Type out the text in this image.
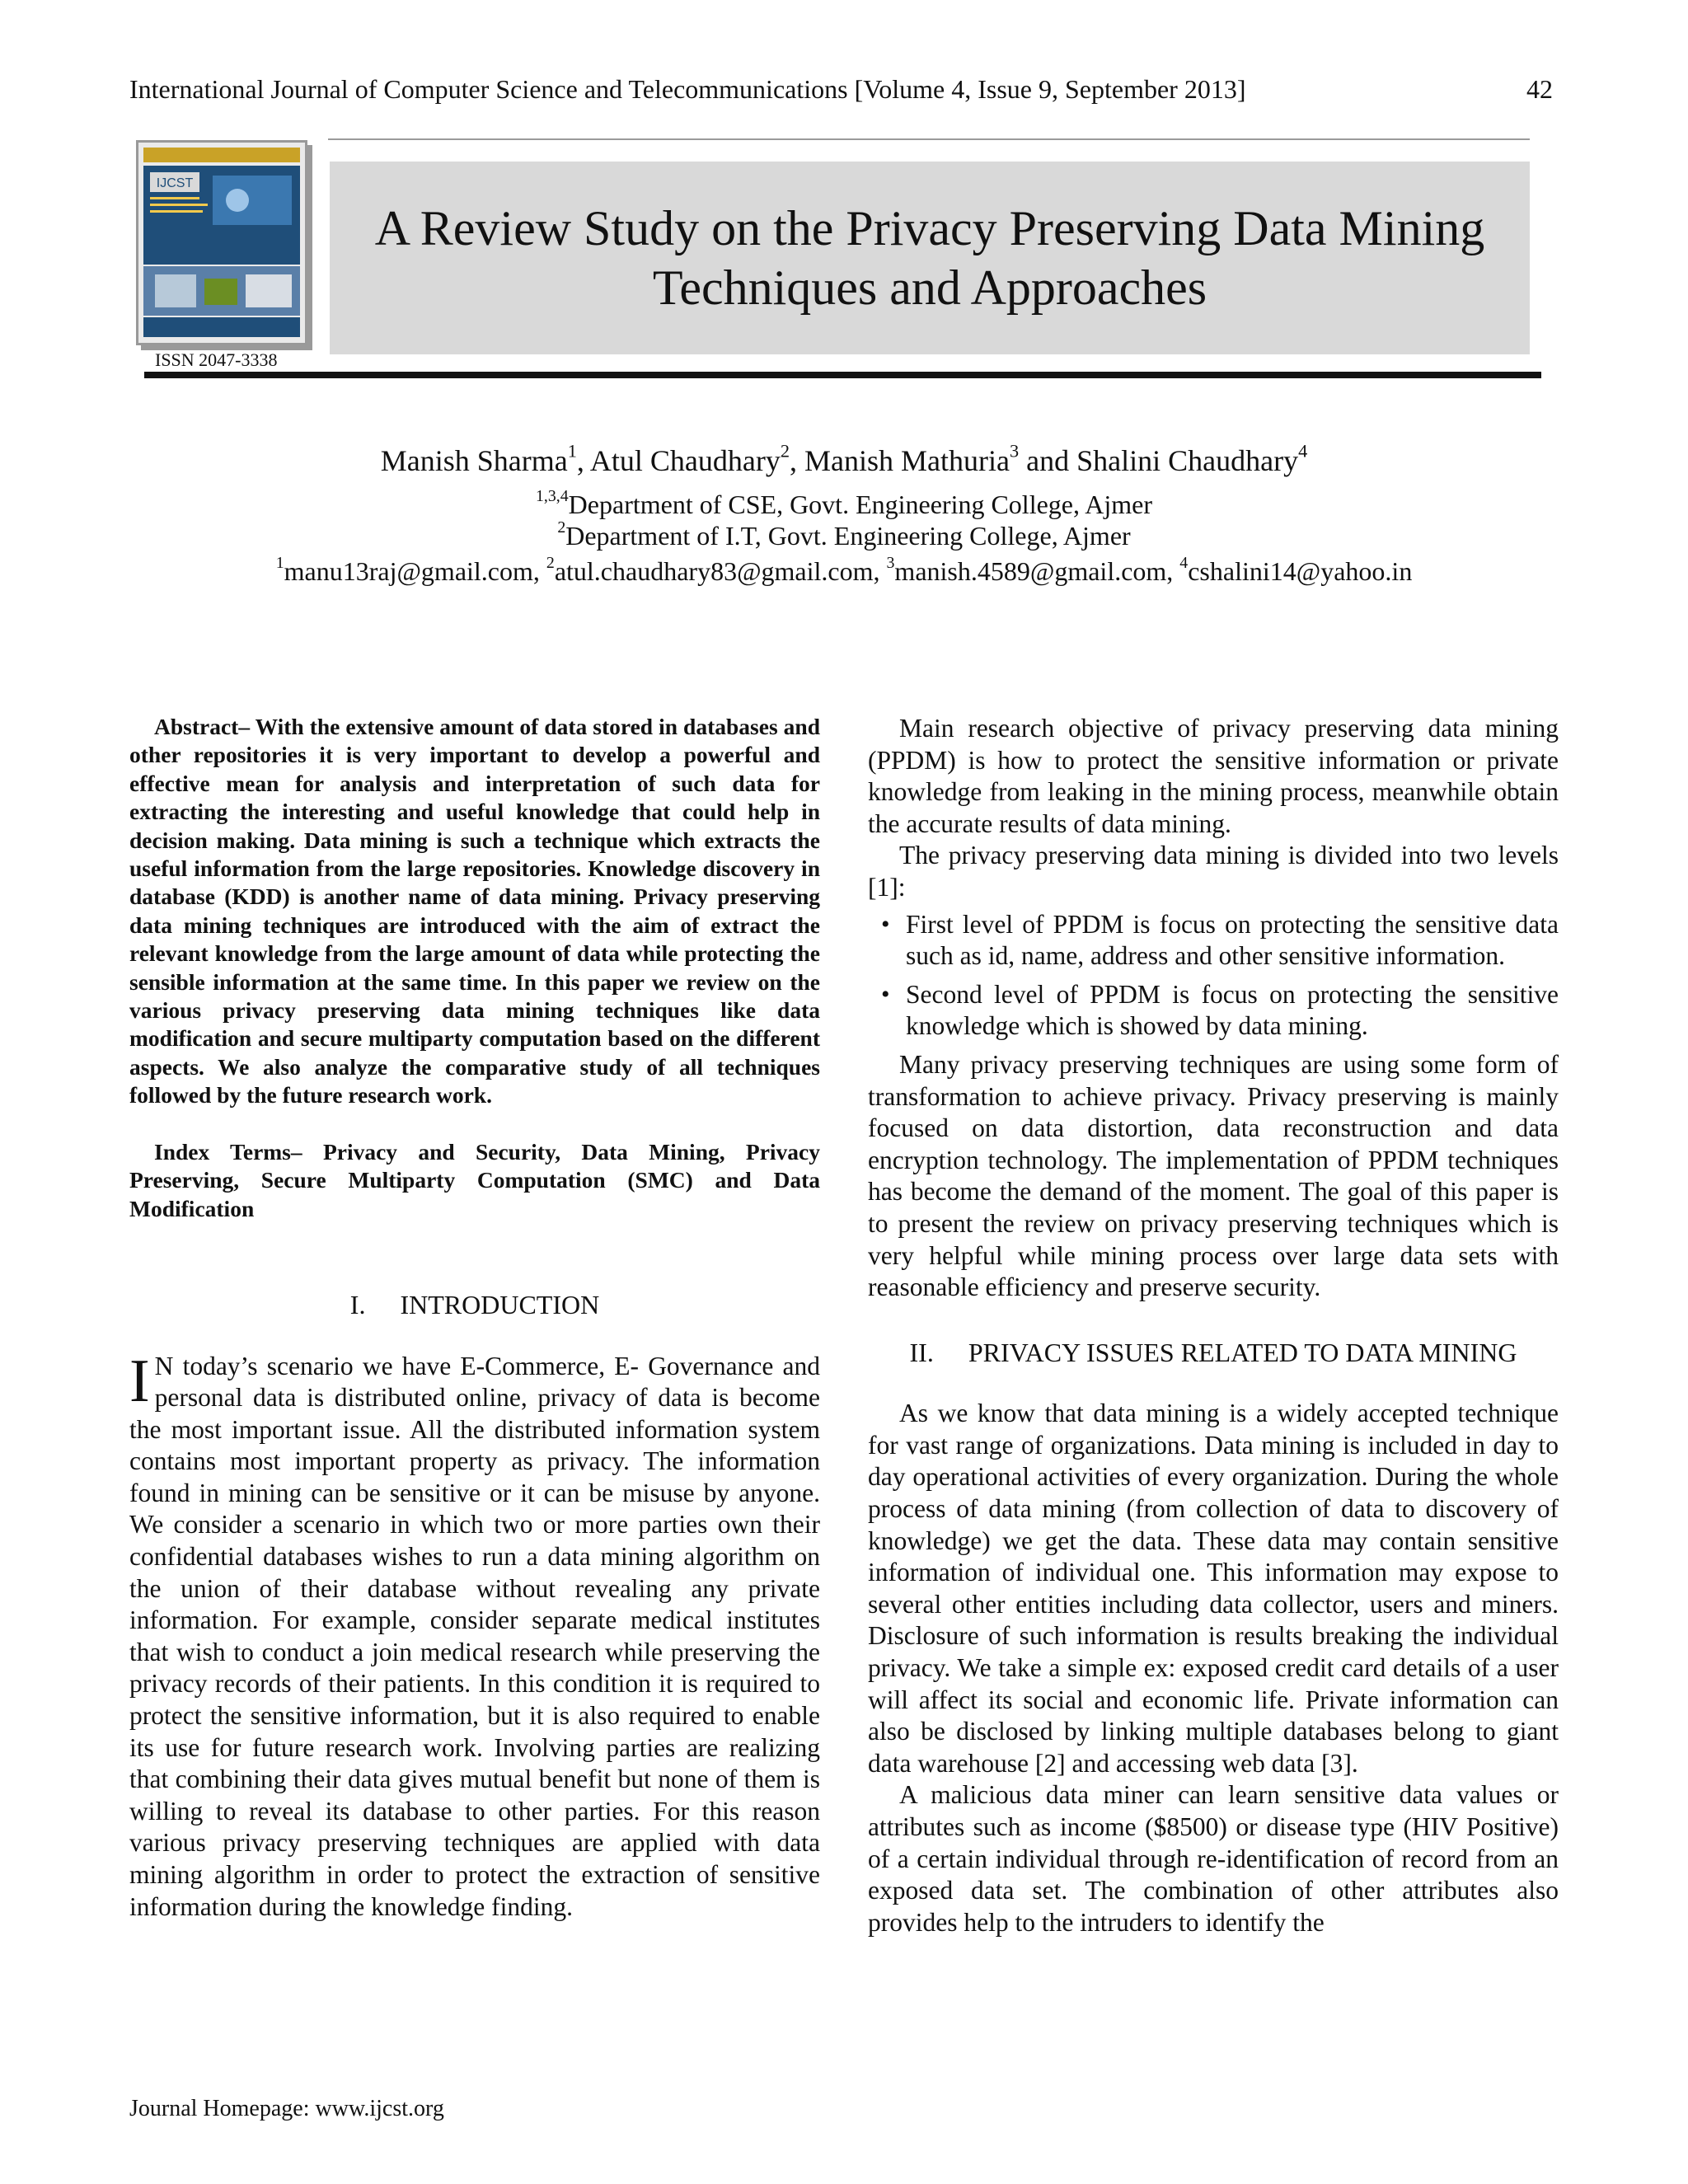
International Journal of Computer Science and Telecommunications [Volume 4, Issue 9, September 2013]	42
IJCST
ISSN 2047-3338
A Review Study on the Privacy Preserving Data Mining Techniques and Approaches
Manish Sharma$^1$, Atul Chaudhary$^2$, Manish Mathuria$^3$ and Shalini Chaudhary$^4$
$^{1,3,4}$Department of CSE, Govt. Engineering College, Ajmer
$^2$Department of I.T, Govt. Engineering College, Ajmer
$^1$manu13raj@gmail.com, $^2$atul.chaudhary83@gmail.com, $^3$manish.4589@gmail.com, $^4$cshalini14@yahoo.in

Abstract– With the extensive amount of data stored in databases and other repositories it is very important to develop a powerful and effective mean for analysis and interpretation of such data for extracting the interesting and useful knowledge that could help in decision making. Data mining is such a technique which extracts the useful information from the large repositories. Knowledge discovery in database (KDD) is another name of data mining. Privacy preserving data mining techniques are introduced with the aim of extract the relevant knowledge from the large amount of data while protecting the sensible information at the same time. In this paper we review on the various privacy preserving data mining techniques like data modification and secure multiparty computation based on the different aspects. We also analyze the comparative study of all techniques followed by the future research work.

Index Terms– Privacy and Security, Data Mining, Privacy Preserving, Secure Multiparty Computation (SMC) and Data Modification

I. INTRODUCTION

I N today’s scenario we have E-Commerce, E- Governance and personal data is distributed online, privacy of data is become the most important issue. All the distributed information system contains most important property as privacy. The information found in mining can be sensitive or it can be misuse by anyone. We consider a scenario in which two or more parties own their confidential databases wishes to run a data mining algorithm on the union of their database without revealing any private information. For example, consider separate medical institutes that wish to conduct a join medical research while preserving the privacy records of their patients. In this condition it is required to protect the sensitive information, but it is also required to enable its use for future research work. Involving parties are realizing that combining their data gives mutual benefit but none of them is willing to reveal its database to other parties. For this reason various privacy preserving techniques are applied with data mining algorithm in order to protect the extraction of sensitive information during the knowledge finding.

Main research objective of privacy preserving data mining (PPDM) is how to protect the sensitive information or private knowledge from leaking in the mining process, meanwhile obtain the accurate results of data mining.

The privacy preserving data mining is divided into two levels [1]:

• First level of PPDM is focus on protecting the sensitive data such as id, name, address and other sensitive information.
• Second level of PPDM is focus on protecting the sensitive knowledge which is showed by data mining.

Many privacy preserving techniques are using some form of transformation to achieve privacy. Privacy preserving is mainly focused on data distortion, data reconstruction and data encryption technology. The implementation of PPDM techniques has become the demand of the moment. The goal of this paper is to present the review on privacy preserving techniques which is very helpful while mining process over large data sets with reasonable efficiency and preserve security.

II. PRIVACY ISSUES RELATED TO DATA MINING

As we know that data mining is a widely accepted technique for vast range of organizations. Data mining is included in day to day operational activities of every organization. During the whole process of data mining (from collection of data to discovery of knowledge) we get the data. These data may contain sensitive information of individual one. This information may expose to several other entities including data collector, users and miners. Disclosure of such information is results breaking the individual privacy. We take a simple ex: exposed credit card details of a user will affect its social and economic life. Private information can also be disclosed by linking multiple databases belong to giant data warehouse [2] and accessing web data [3].

A malicious data miner can learn sensitive data values or attributes such as income ($8500) or disease type (HIV Positive) of a certain individual through re-identification of record from an exposed data set. The combination of other attributes also provides help to the intruders to identify the

Journal Homepage: www.ijcst.org
